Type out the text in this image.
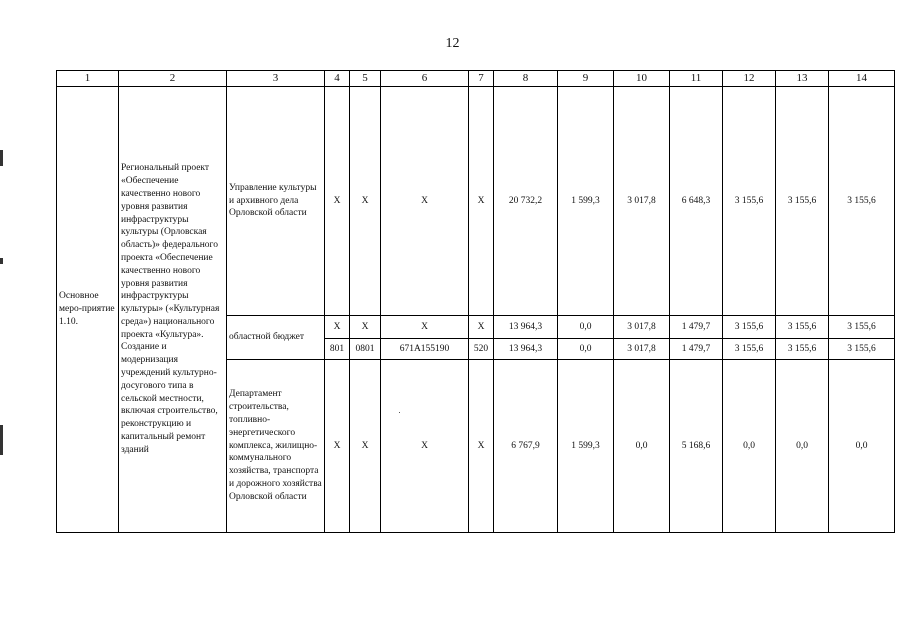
12
1	2	3	4	5	6	7	8	9	10	11	12	13	14
Основное меро-приятие 1.10.	Региональный проект «Обеспечение качественно нового уровня развития инфраструктуры культуры (Орловская область)» федерального проекта «Обеспечение качественно нового уровня развития инфраструктуры культуры» («Культурная среда») национального проекта «Культура». Создание и модернизация учреждений культурно-досугового типа в сельской местности, включая строительство, реконструкцию и капитальный ремонт зданий	Управление культуры и архивного дела Орловской области	X	X	X	X	20 732,2	1 599,3	3 017,8	6 648,3	3 155,6	3 155,6	3 155,6
		областной бюджет	X	X	X	X	13 964,3	0,0	3 017,8	1 479,7	3 155,6	3 155,6	3 155,6
			801	0801	671A155190	520	13 964,3	0,0	3 017,8	1 479,7	3 155,6	3 155,6	3 155,6
		Департамент строительства, топливно-энергетического комплекса, жилищно-коммунального хозяйства, транспорта и дорожного хозяйства Орловской области	X	X	X	X	6 767,9	1 599,3	0,0	5 168,6	0,0	0,0	0,0
